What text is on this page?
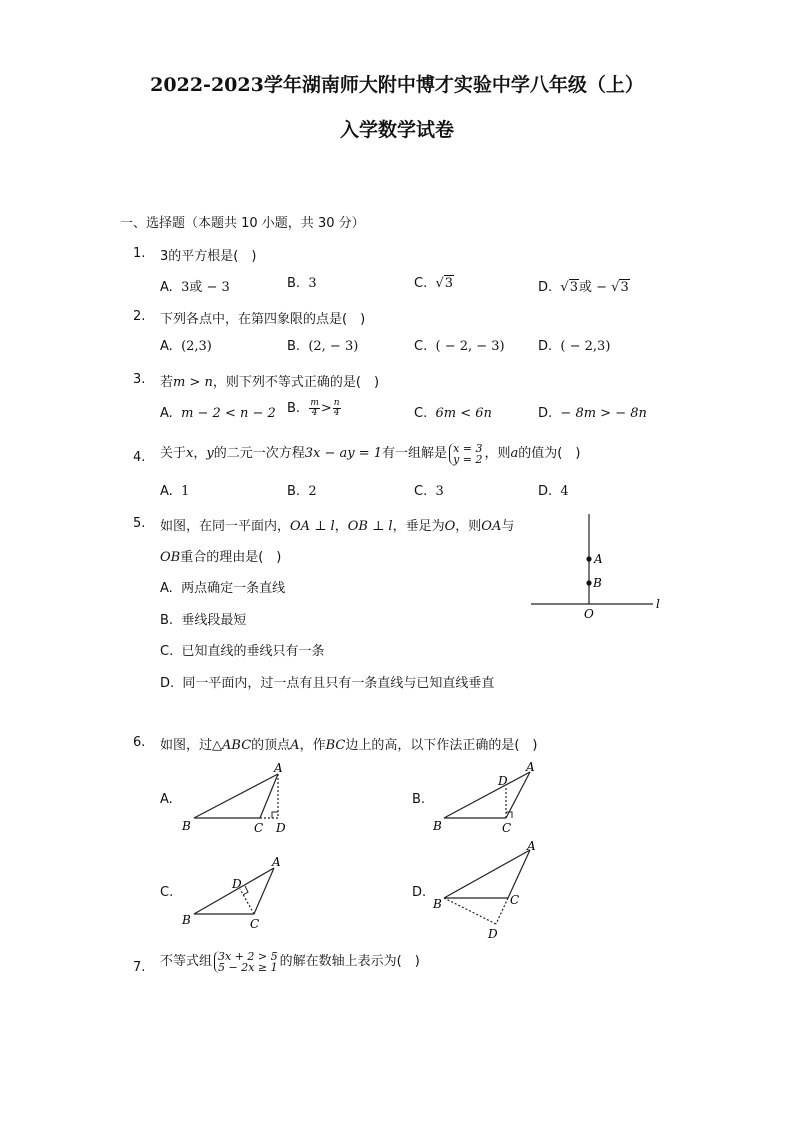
2022-2023学年湖南师大附中博才实验中学八年级（上）
入学数学试卷
一、选择题（本题共 10 小题，共 30 分）
1. 3的平方根是(　)
A. 3或 − 3	B. 3	C. √3	D. √3或 − √3
2. 下列各点中，在第四象限的点是(　)
A. (2,3)	B. (2, − 3)	C. ( − 2, − 3)	D. ( − 2,3)
3. 若m > n，则下列不等式正确的是(　)
A. m − 2 < n − 2 B. $\frac{m}{4} > \frac{n}{4}$	C. 6m < 6n	D.  − 8m > − 8n
4. 关于x，y的二元一次方程3x − ay = 1有一组解是 x = 3
y = 2 ，则a的值为(　)
A. 1	B. 2	C. 3	D. 4
5. 如图，在同一平面内，OA ⊥ l，OB ⊥ l，垂足为O，则OA与
OB重合的理由是(　)
A. 两点确定一条直线
B. 垂线段最短
C. 已知直线的垂线只有一条
D. 同一平面内，过一点有且只有一条直线与已知直线垂直
A
B
O
l
6. 如图，过△ABC的顶点A，作BC边上的高，以下作法正确的是(　)
A.
A
B	C D
B.
A
D
B	C
C.
A
D
B	C
D.
A
B	C
D
7. 不等式组 3x + 2 > 5
5 − 2x ≥ 1 的解在数轴上表示为(　)
